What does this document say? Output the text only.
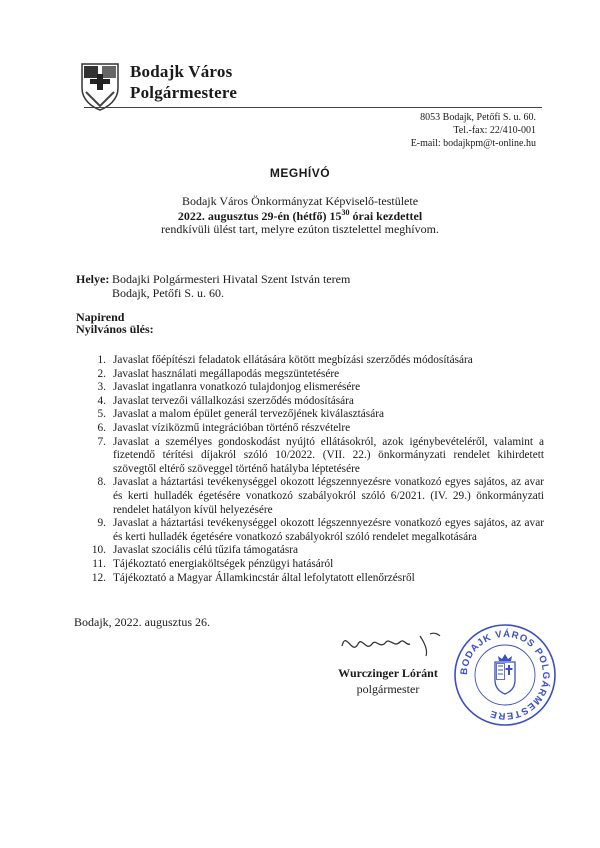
Bodajk Város
Polgármestere
8053 Bodajk, Petőfi S. u. 60.
Tel.-fax: 22/410-001
E-mail: bodajkpm@t-online.hu
MEGHÍVÓ
Bodajk Város Önkormányzat Képviselő-testülete
2022. augusztus 29-én (hétfő) $15^{30}$ órai kezdettel
rendkívüli ülést tart, melyre ezúton tisztelettel meghívom.
Helye: Bodajki Polgármesteri Hivatal Szent István terem
Bodajk, Petőfi S. u. 60.
Napirend
Nyilvános ülés:
1. Javaslat főépítészi feladatok ellátására kötött megbízási szerződés módosítására
2. Javaslat használati megállapodás megszüntetésére
3. Javaslat ingatlanra vonatkozó tulajdonjog elismerésére
4. Javaslat tervezői vállalkozási szerződés módosítására
5. Javaslat a malom épület generál tervezőjének kiválasztására
6. Javaslat víziközmű integrációban történő részvételre
7. Javaslat a személyes gondoskodást nyújtó ellátásokról, azok igénybevételéről, valamint a fizetendő térítési díjakról szóló 10/2022. (VII. 22.) önkormányzati rendelet kihirdetett szövegtől eltérő szöveggel történő hatályba léptetésére
8. Javaslat a háztartási tevékenységgel okozott légszennyezésre vonatkozó egyes sajátos, az avar és kerti hulladék égetésére vonatkozó szabályokról szóló 6/2021. (IV. 29.) önkormányzati rendelet hatályon kívül helyezésére
9. Javaslat a háztartási tevékenységgel okozott légszennyezésre vonatkozó egyes sajátos, az avar és kerti hulladék égetésére vonatkozó szabályokról szóló rendelet megalkotására
10. Javaslat szociális célú tűzifa támogatásra
11. Tájékoztató energiaköltségek pénzügyi hatásáról
12. Tájékoztató a Magyar Államkincstár által lefolytatott ellenőrzésről
Bodajk, 2022. augusztus 26.
Wurczinger Lóránt
polgármester
BODAJK VÁROS POLGÁRMESTERE
